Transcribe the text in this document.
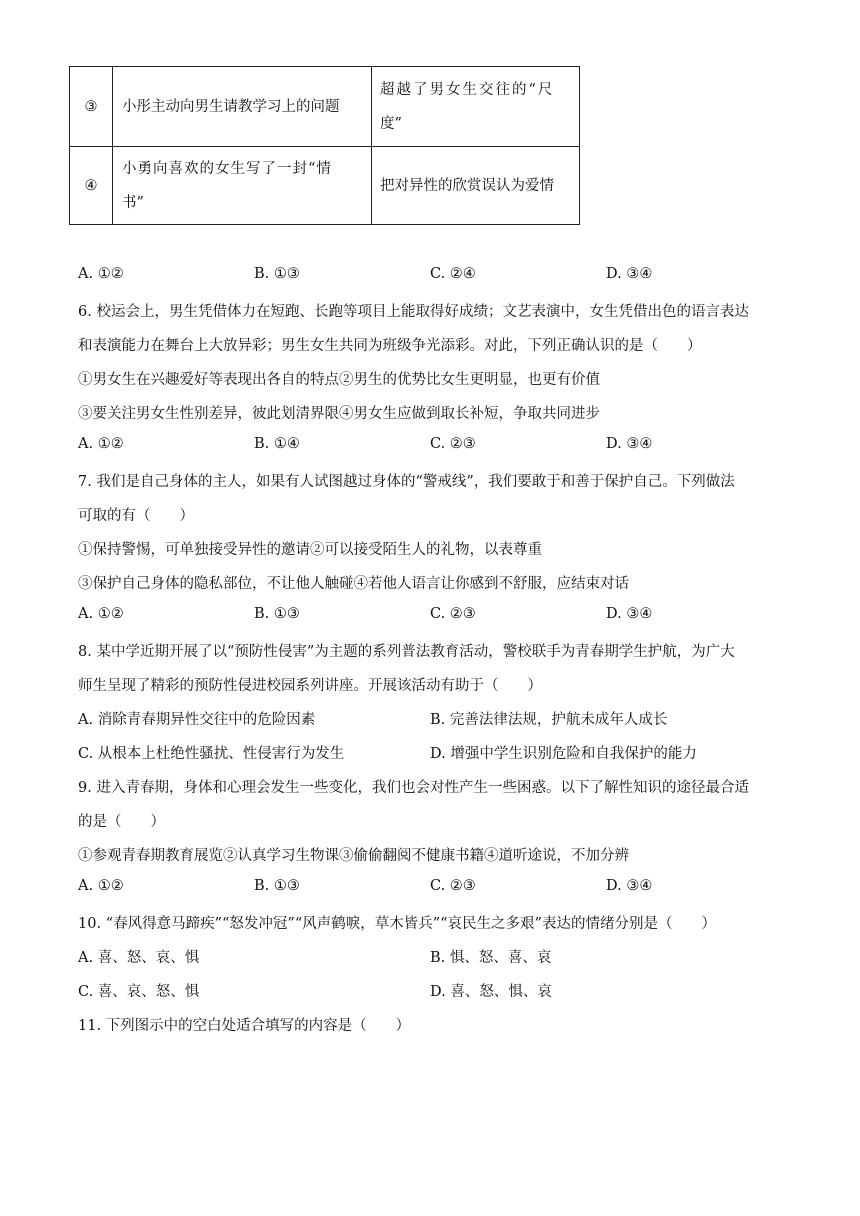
③	小彤主动向男生请教学习上的问题	超越了男女生交往的“尺
度”

④	小勇向喜欢的女生写了一封“情
书”	把对异性的欣赏误认为爱情
A. ①②	B. ①③	C. ②④	D. ③④
6. 校运会上，男生凭借体力在短跑、长跑等项目上能取得好成绩；文艺表演中，女生凭借出色的语言表达
和表演能力在舞台上大放异彩；男生女生共同为班级争光添彩。对此，下列正确认识的是（　　）
①男女生在兴趣爱好等表现出各自的特点②男生的优势比女生更明显，也更有价值
③要关注男女生性别差异，彼此划清界限④男女生应做到取长补短，争取共同进步
A. ①②	B. ①④	C. ②③	D. ③④
7. 我们是自己身体的主人，如果有人试图越过身体的“警戒线”，我们要敢于和善于保护自己。下列做法
可取的有（　　）
①保持警惕，可单独接受异性的邀请②可以接受陌生人的礼物，以表尊重
③保护自己身体的隐私部位，不让他人触碰④若他人语言让你感到不舒服，应结束对话
A. ①②	B. ①③	C. ②③	D. ③④
8. 某中学近期开展了以“预防性侵害”为主题的系列普法教育活动，警校联手为青春期学生护航，为广大
师生呈现了精彩的预防性侵进校园系列讲座。开展该活动有助于（　　）
A. 消除青春期异性交往中的危险因素	B. 完善法律法规，护航未成年人成长
C. 从根本上杜绝性骚扰、性侵害行为发生	D. 增强中学生识别危险和自我保护的能力
9. 进入青春期，身体和心理会发生一些变化，我们也会对性产生一些困惑。以下了解性知识的途径最合适
的是（　　）
①参观青春期教育展览②认真学习生物课③偷偷翻阅不健康书籍④道听途说，不加分辨
A. ①②	B. ①③	C. ②③	D. ③④
10. “春风得意马蹄疾”“怒发冲冠”“风声鹤唳，草木皆兵”“哀民生之多艰”表达的情绪分别是（　　）
A. 喜、怒、哀、惧	B. 惧、怒、喜、哀
C. 喜、哀、怒、惧	D. 喜、怒、惧、哀
11. 下列图示中的空白处适合填写的内容是（　　）
